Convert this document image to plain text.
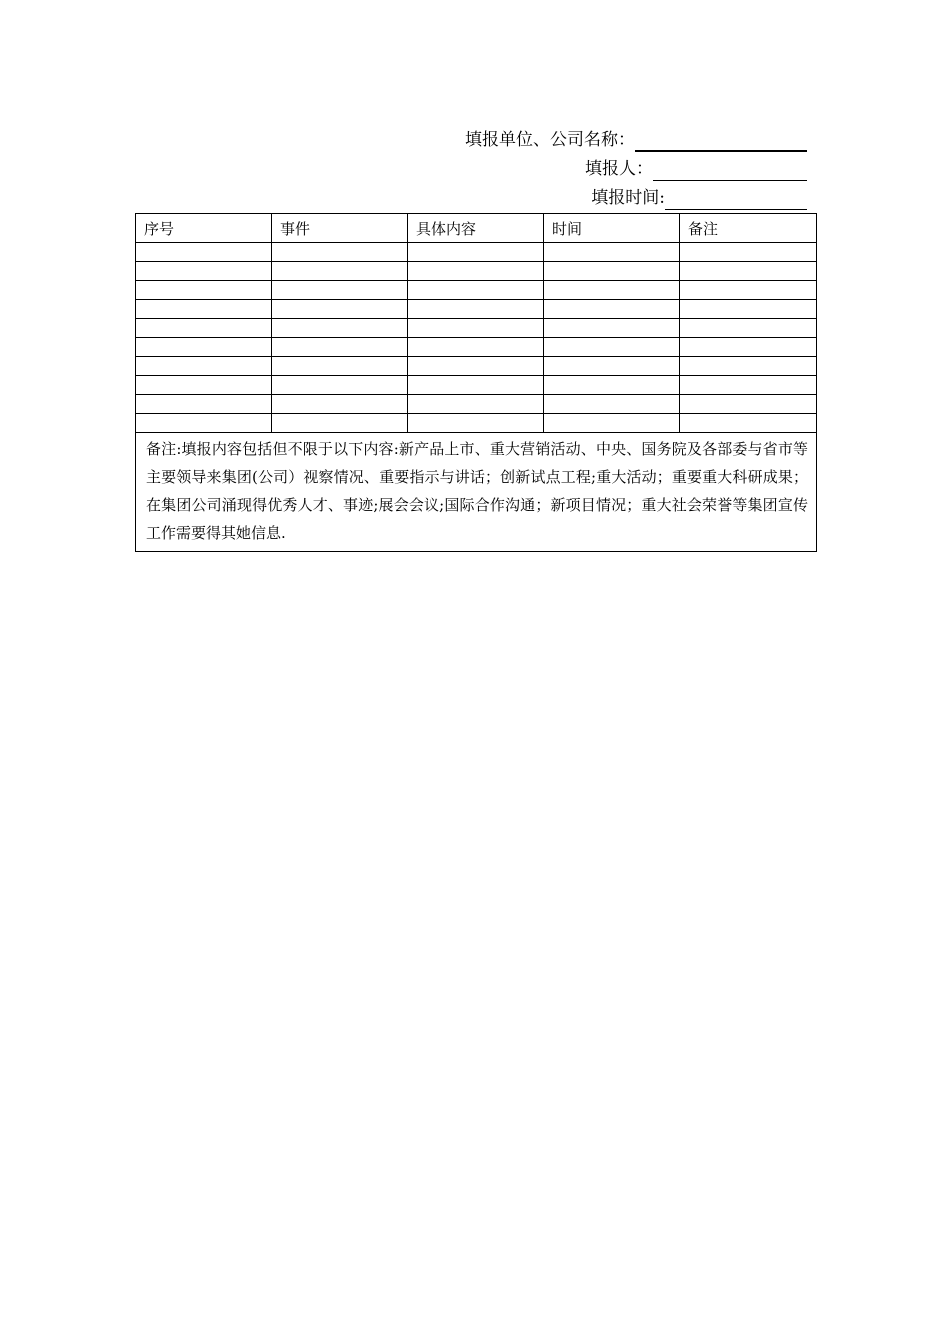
填报单位、公司名称：
填报人：
填报时间:
序号	事件	具体内容	时间	备注

备注:填报内容包括但不限于以下内容:新产品上市、重大营销活动、中央、国务院及各部委与省市等主要领导来集团(公司）视察情况、重要指示与讲话；创新试点工程;重大活动；重要重大科研成果；在集团公司涌现得优秀人才、事迹;展会会议;国际合作沟通；新项目情况；重大社会荣誉等集团宣传工作需要得其她信息.				
